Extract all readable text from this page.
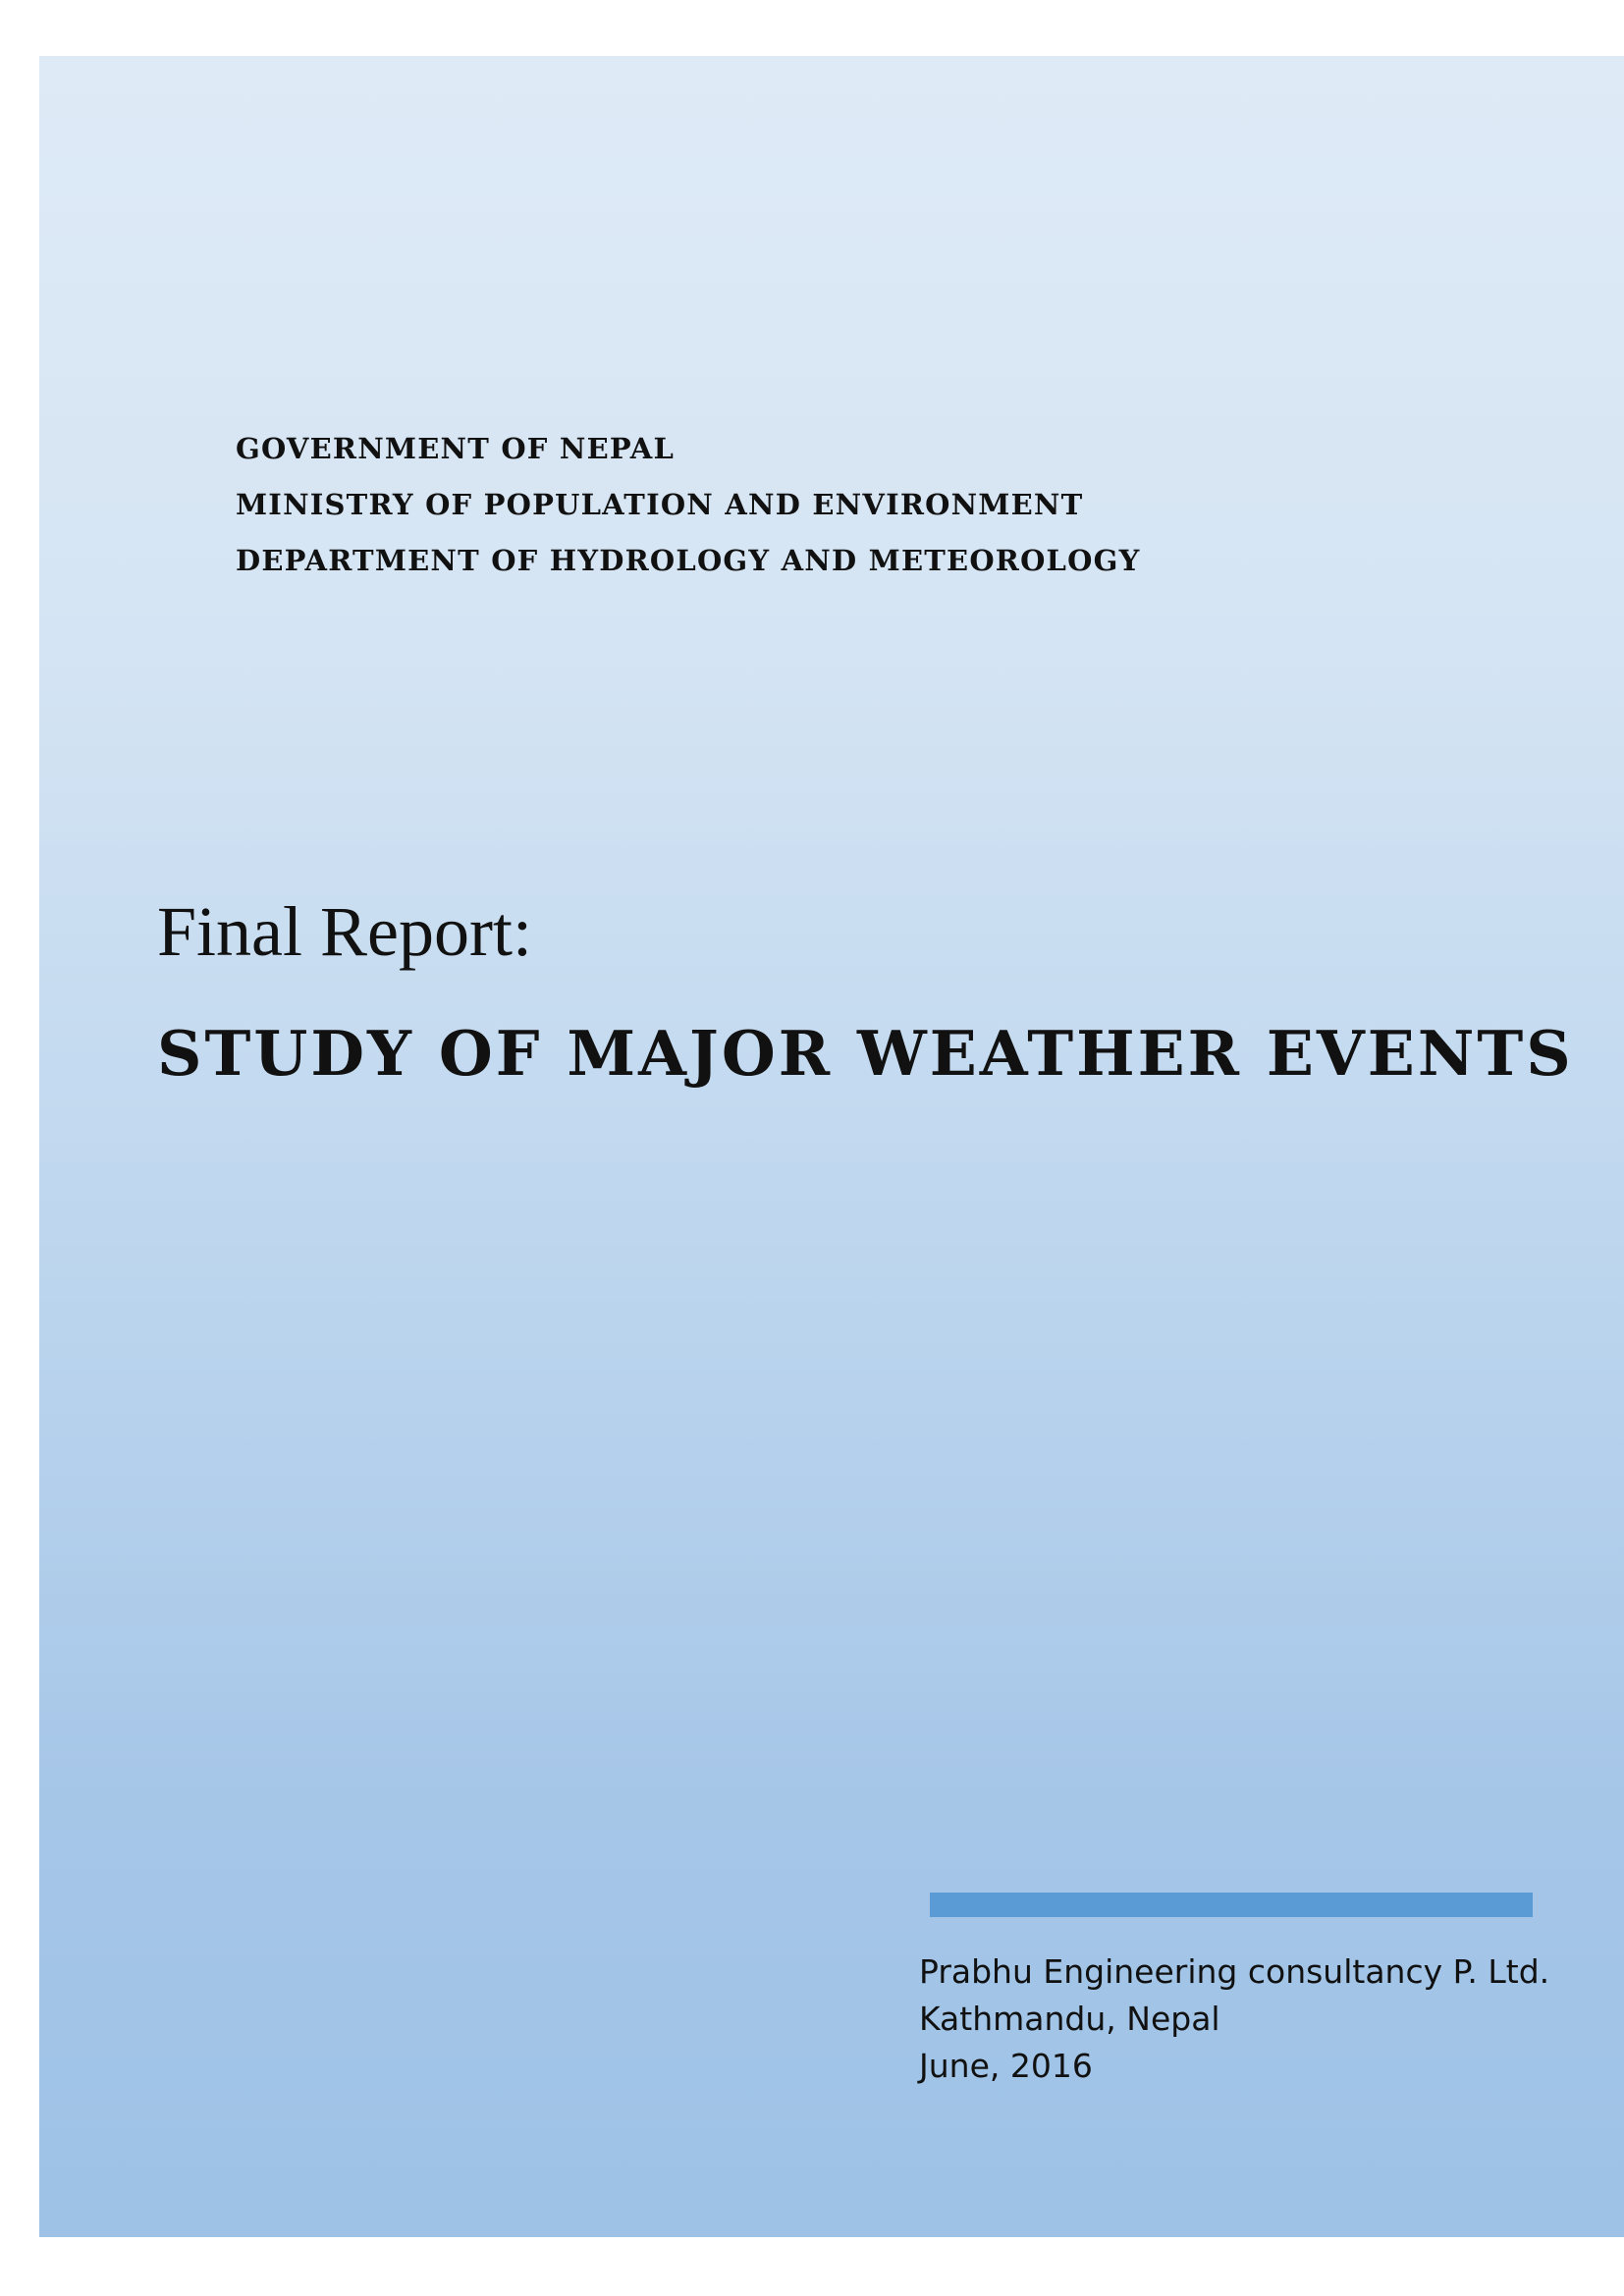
GOVERNMENT OF NEPAL
MINISTRY OF POPULATION AND ENVIRONMENT
DEPARTMENT OF HYDROLOGY AND METEOROLOGY
Final Report:
STUDY OF MAJOR WEATHER EVENTS
Prabhu Engineering consultancy P. Ltd.
Kathmandu, Nepal
June, 2016
